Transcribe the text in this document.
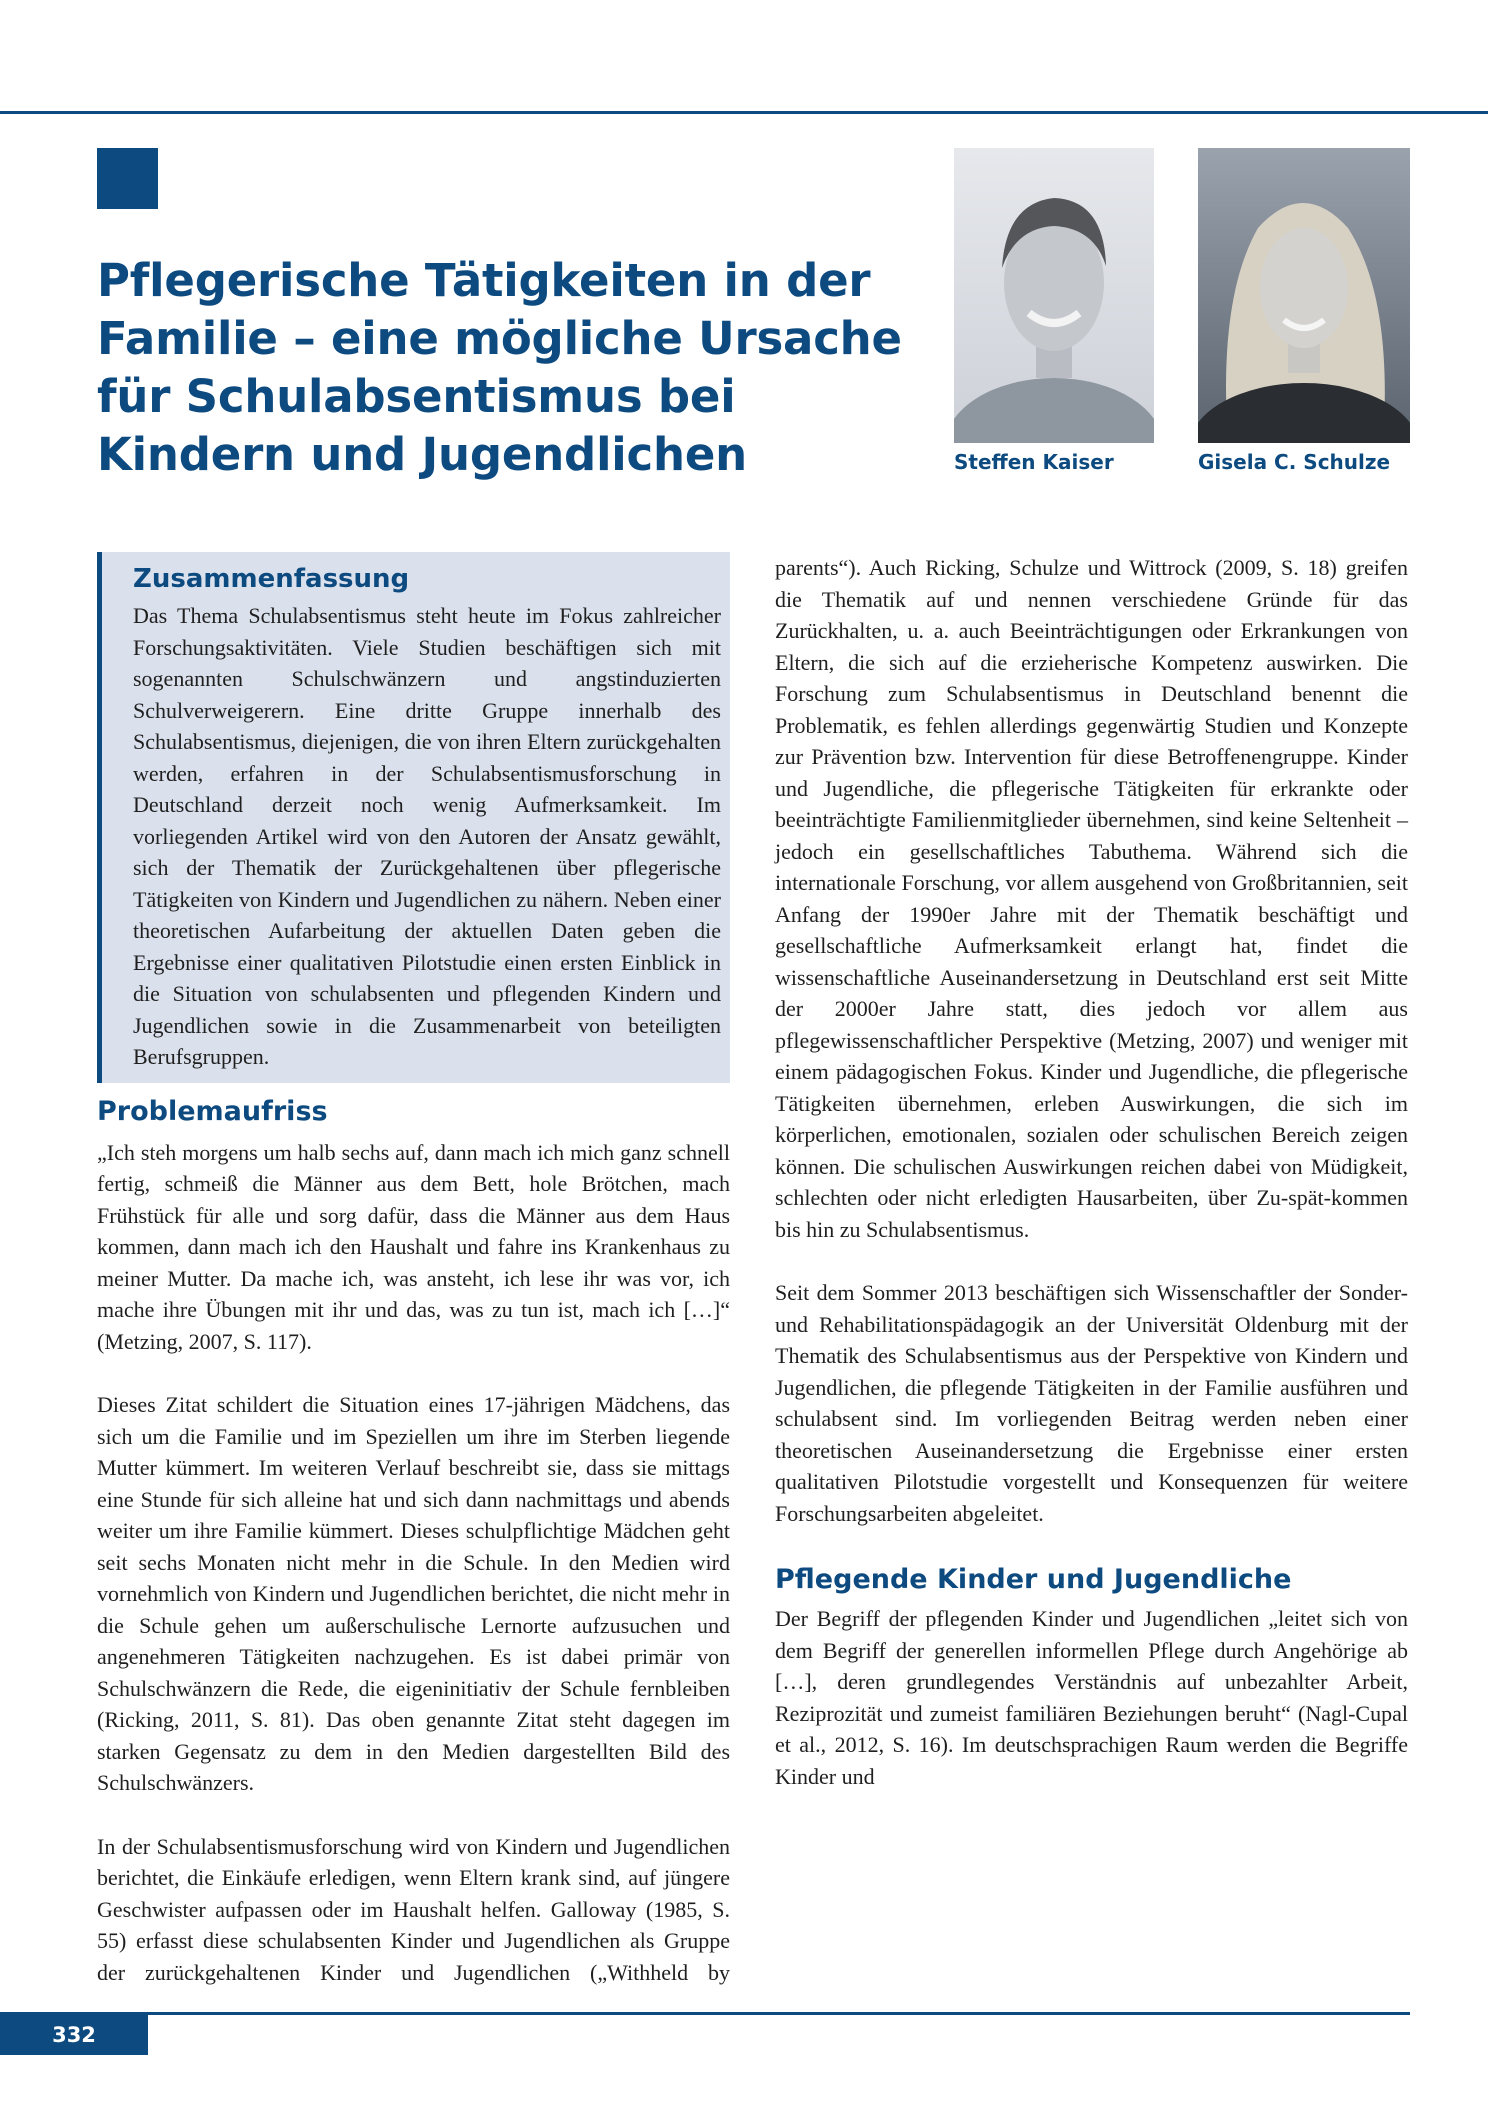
Pflegerische Tätigkeiten in der Familie – eine mögliche Ursache für Schulabsentismus bei Kindern und Jugendlichen	Steffen Kaiser	Gisela C. Schulze
Zusammenfassung

Das Thema Schulabsentismus steht heute im Fokus zahlreicher Forschungsaktivitäten. Viele Studien beschäftigen sich mit sogenannten Schulschwänzern und angstinduzierten Schulverweigerern. Eine dritte Gruppe innerhalb des Schulabsentismus, diejenigen, die von ihren Eltern zurückgehalten werden, erfahren in der Schulabsentismusforschung in Deutschland derzeit noch wenig Aufmerksamkeit. Im vorliegenden Artikel wird von den Autoren der Ansatz gewählt, sich der Thematik der Zurückgehaltenen über pflegerische Tätigkeiten von Kindern und Jugendlichen zu nähern. Neben einer theoretischen Aufarbeitung der aktuellen Daten geben die Ergebnisse einer qualitativen Pilotstudie einen ersten Einblick in die Situation von schulabsenten und pflegenden Kindern und Jugendlichen sowie in die Zusammenarbeit von beteiligten Berufsgruppen.

Problemaufriss

„Ich steh morgens um halb sechs auf, dann mach ich mich ganz schnell fertig, schmeiß die Männer aus dem Bett, hole Brötchen, mach Frühstück für alle und sorg dafür, dass die Männer aus dem Haus kommen, dann mach ich den Haushalt und fahre ins Krankenhaus zu meiner Mutter. Da mache ich, was ansteht, ich lese ihr was vor, ich mache ihre Übungen mit ihr und das, was zu tun ist, mach ich […]“ (Metzing, 2007, S. 117).

Dieses Zitat schildert die Situation eines 17-jährigen Mädchens, das sich um die Familie und im Speziellen um ihre im Sterben liegende Mutter kümmert. Im weiteren Verlauf beschreibt sie, dass sie mittags eine Stunde für sich alleine hat und sich dann nachmittags und abends weiter um ihre Familie kümmert. Dieses schulpflichtige Mädchen geht seit sechs Monaten nicht mehr in die Schule. In den Medien wird vornehmlich von Kindern und Jugendlichen berichtet, die nicht mehr in die Schule gehen um außerschulische Lernorte aufzusuchen und angenehmeren Tätigkeiten nachzugehen. Es ist dabei primär von Schulschwänzern die Rede, die eigeninitiativ der Schule fernbleiben (Ricking, 2011, S. 81). Das oben genannte Zitat steht dagegen im starken Gegensatz zu dem in den Medien dargestellten Bild des Schulschwänzers.

In der Schulabsentismusforschung wird von Kindern und Jugendlichen berichtet, die Einkäufe erledigen, wenn Eltern krank sind, auf jüngere Geschwister aufpassen oder im Haushalt helfen. Galloway (1985, S. 55) erfasst diese schulabsenten Kinder und Jugendlichen als Gruppe der zurückgehaltenen Kinder und Jugendlichen („Withheld by

parents“). Auch Ricking, Schulze und Wittrock (2009, S. 18) greifen die Thematik auf und nennen verschiedene Gründe für das Zurückhalten, u. a. auch Beeinträchtigungen oder Erkrankungen von Eltern, die sich auf die erzieherische Kompetenz auswirken. Die Forschung zum Schulabsentismus in Deutschland benennt die Problematik, es fehlen allerdings gegenwärtig Studien und Konzepte zur Prävention bzw. Intervention für diese Betroffenengruppe. Kinder und Jugendliche, die pflegerische Tätigkeiten für erkrankte oder beeinträchtigte Familienmitglieder übernehmen, sind keine Seltenheit – jedoch ein gesellschaftliches Tabuthema. Während sich die internationale Forschung, vor allem ausgehend von Großbritannien, seit Anfang der 1990er Jahre mit der Thematik beschäftigt und gesellschaftliche Aufmerksamkeit erlangt hat, findet die wissenschaftliche Auseinandersetzung in Deutschland erst seit Mitte der 2000er Jahre statt, dies jedoch vor allem aus pflegewissenschaftlicher Perspektive (Metzing, 2007) und weniger mit einem pädagogischen Fokus. Kinder und Jugendliche, die pflegerische Tätigkeiten übernehmen, erleben Auswirkungen, die sich im körperlichen, emotionalen, sozialen oder schulischen Bereich zeigen können. Die schulischen Auswirkungen reichen dabei von Müdigkeit, schlechten oder nicht erledigten Hausarbeiten, über Zu-spät-kommen bis hin zu Schulabsentismus.

Seit dem Sommer 2013 beschäftigen sich Wissenschaftler der Sonder- und Rehabilitationspädagogik an der Universität Oldenburg mit der Thematik des Schulabsentismus aus der Perspektive von Kindern und Jugendlichen, die pflegende Tätigkeiten in der Familie ausführen und schulabsent sind. Im vorliegenden Beitrag werden neben einer theoretischen Auseinandersetzung die Ergebnisse einer ersten qualitativen Pilotstudie vorgestellt und Konsequenzen für weitere Forschungsarbeiten abgeleitet.

Pflegende Kinder und Jugendliche

Der Begriff der pflegenden Kinder und Jugendlichen „leitet sich von dem Begriff der generellen informellen Pflege durch Angehörige ab […], deren grundlegendes Verständnis auf unbezahlter Arbeit, Reziprozität und zumeist familiären Beziehungen beruht“ (Nagl-Cupal et al., 2012, S. 16). Im deutschsprachigen Raum werden die Begriffe Kinder und

332
